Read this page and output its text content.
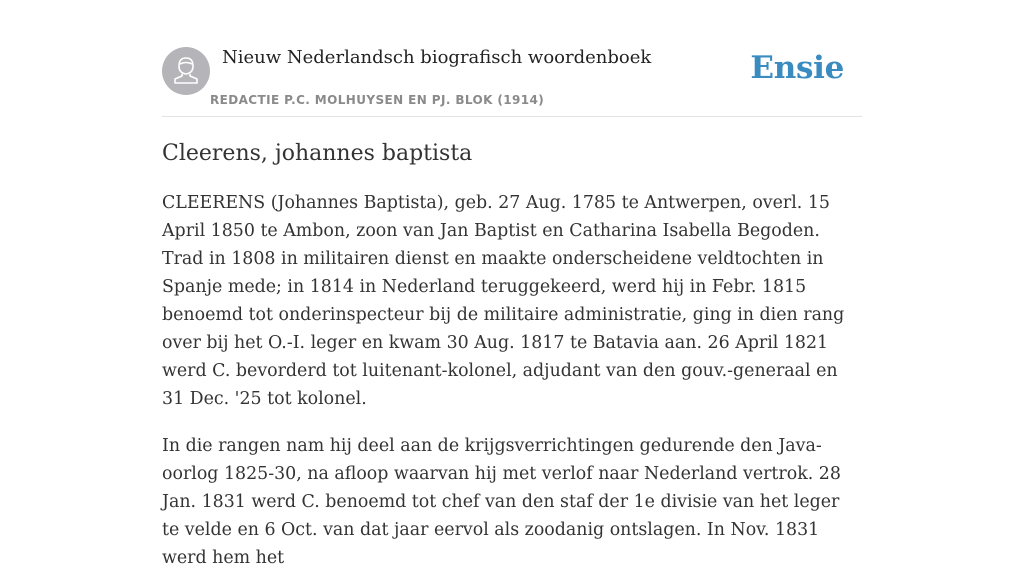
Nieuw Nederlandsch biografisch woordenboek
REDACTIE P.C. MOLHUYSEN EN PJ. BLOK (1914)
Ensie
Cleerens, johannes baptista

CLEERENS (Johannes Baptista), geb. 27 Aug. 1785 te Antwerpen, overl. 15 April 1850 te Ambon, zoon van Jan Baptist en Catharina Isabella Begoden. Trad in 1808 in militairen dienst en maakte onderscheidene veldtochten in Spanje mede; in 1814 in Nederland teruggekeerd, werd hij in Febr. 1815 benoemd tot onderinspecteur bij de militaire administratie, ging in dien rang over bij het O.-I. leger en kwam 30 Aug. 1817 te Batavia aan. 26 April 1821 werd C. bevorderd tot luitenant-kolonel, adjudant van den gouv.-generaal en 31 Dec. '25 tot kolonel.

In die rangen nam hij deel aan de krijgsverrichtingen gedurende den Java-oorlog 1825-30, na afloop waarvan hij met verlof naar Nederland vertrok. 28 Jan. 1831 werd C. benoemd tot chef van den staf der 1e divisie van het leger te velde en 6 Oct. van dat jaar eervol als zoodanig ontslagen. In Nov. 1831 werd hem het
